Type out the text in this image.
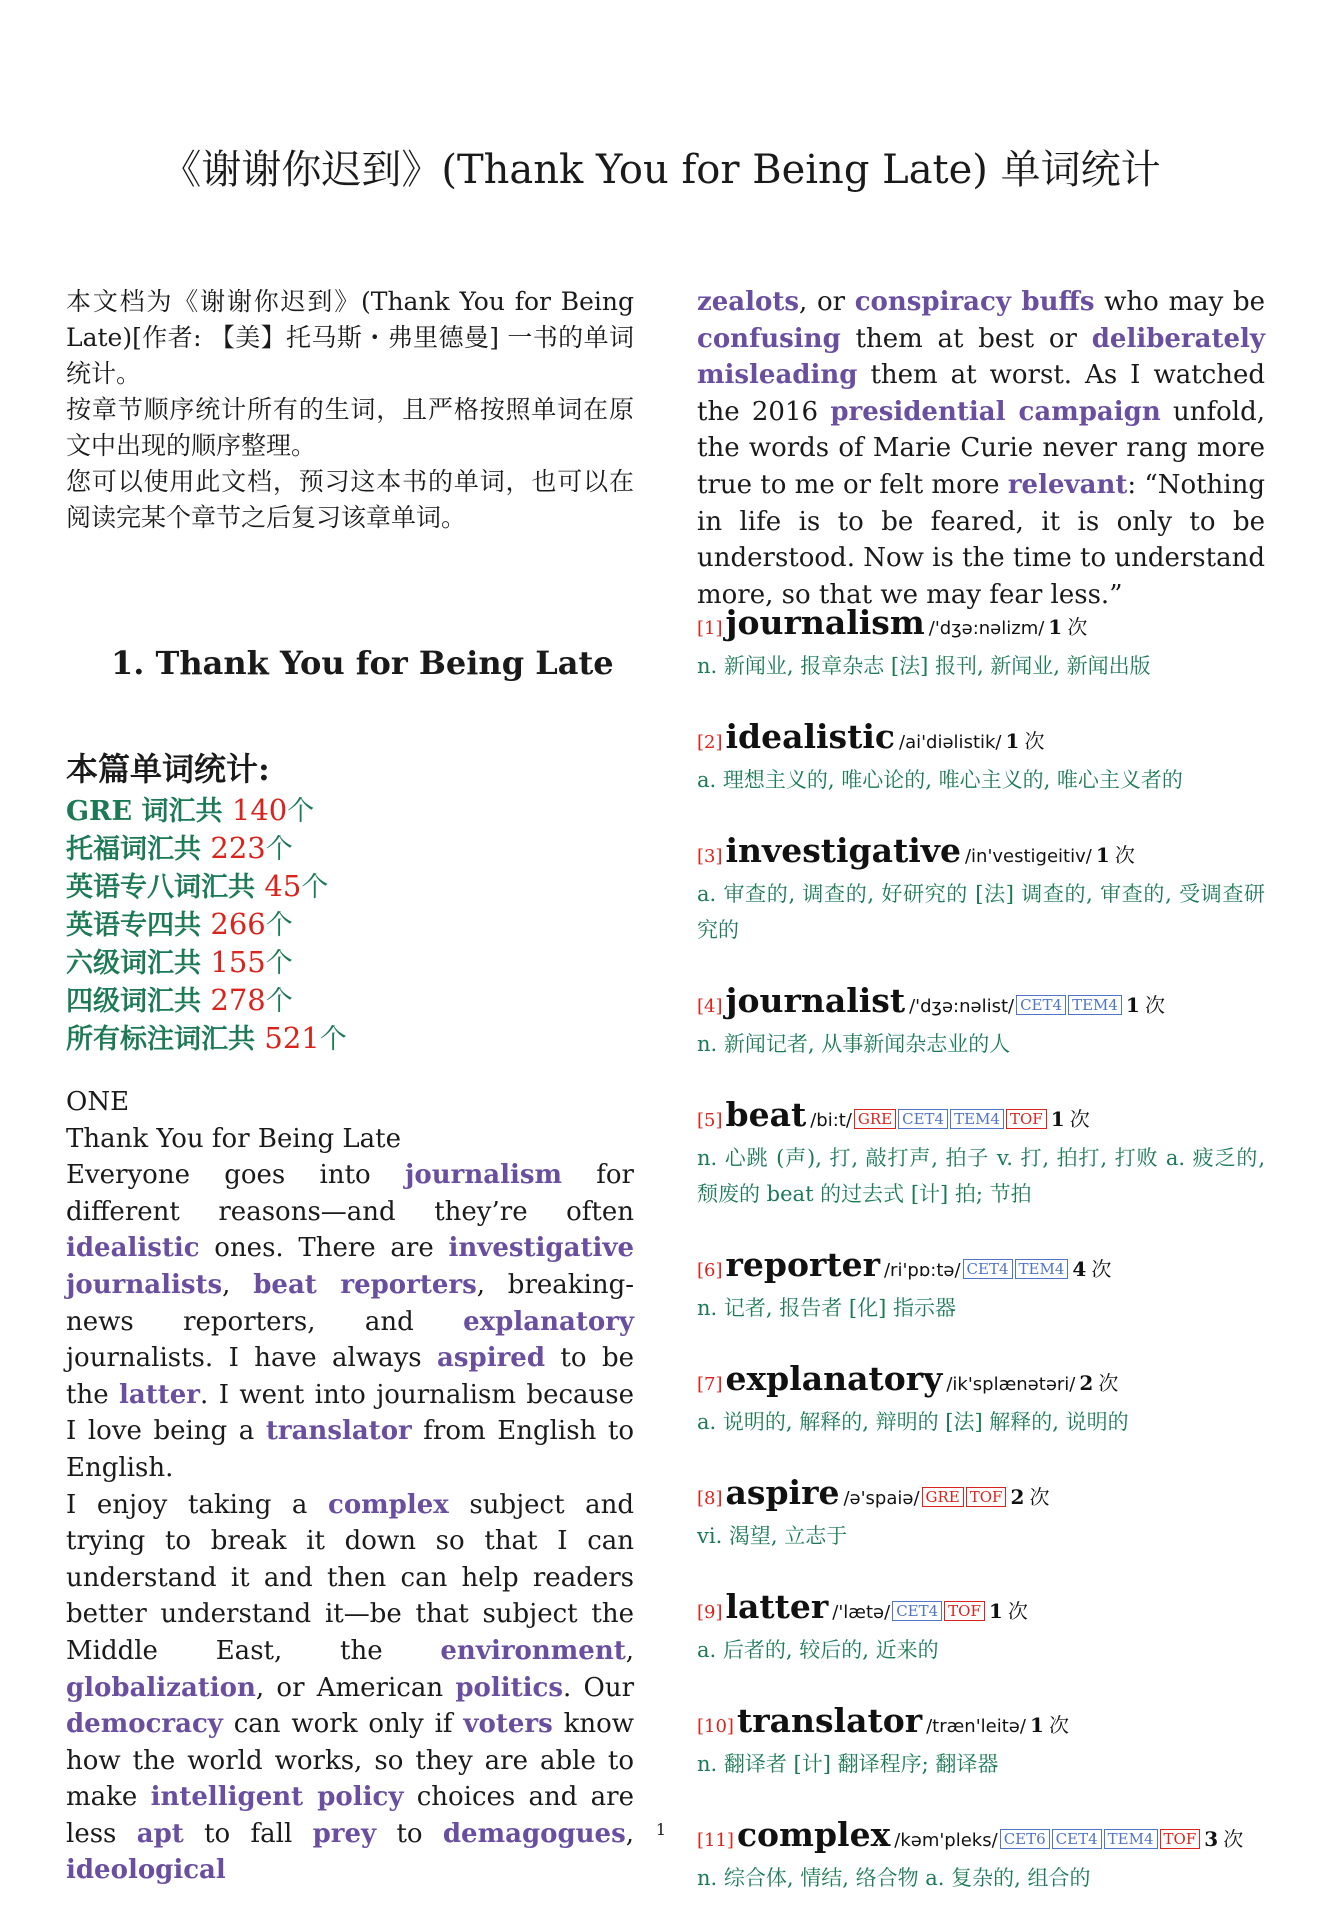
《谢谢你迟到》(Thank You for Being Late) 单词统计

本文档为《谢谢你迟到》(Thank You for Being Late)[作者: 【美】托马斯・弗里德曼] 一书的单词统计。

按章节顺序统计所有的生词，且严格按照单词在原文中出现的顺序整理。

您可以使用此文档，预习这本书的单词，也可以在阅读完某个章节之后复习该章单词。

1. Thank You for Being Late
本篇单词统计:
GRE 词汇共 140个
托福词汇共 223个
英语专八词汇共 45个
英语专四共 266个
六级词汇共 155个
四级词汇共 278个
所有标注词汇共 521个

ONE

Thank You for Being Late

Everyone goes into journalism for different reasons—and they’re often idealistic ones. There are investigative journalists, beat reporters, breaking-news reporters, and explanatory journalists. I have always aspired to be the latter. I went into journalism because I love being a translator from English to English.

I enjoy taking a complex subject and trying to break it down so that I can understand it and then can help readers better understand it—be that subject the Middle East, the environment, globalization, or American politics. Our democracy can work only if voters know how the world works, so they are able to make intelligent policy choices and are less apt to fall prey to demagogues, ideological

zealots, or conspiracy buffs who may be confusing them at best or deliberately misleading them at worst. As I watched the 2016 presidential campaign unfold, the words of Marie Curie never rang more true to me or felt more relevant: “Nothing in life is to be feared, it is only to be understood. Now is the time to understand more, so that we may fear less.”

[1]journalism /'dʒə:nəlizm/ 1 次
n. 新闻业, 报章杂志 [法] 报刊, 新闻业, 新闻出版
[2]idealistic /ai'diəlistik/ 1 次
a. 理想主义的, 唯心论的, 唯心主义的, 唯心主义者的
[3]investigative /in'vestigeitiv/ 1 次
a. 审查的, 调查的, 好研究的 [法] 调查的, 审查的, 受调查研究的
[4]journalist /'dʒə:nəlist/ CET4 TEM4 1 次
n. 新闻记者, 从事新闻杂志业的人
[5]beat /bi:t/ GRE CET4 TEM4 TOF 1 次
n. 心跳 (声), 打, 敲打声, 拍子 v. 打, 拍打, 打败 a. 疲乏的, 颓废的 beat 的过去式 [计] 拍; 节拍
[6]reporter /ri'pɒ:tə/ CET4 TEM4 4 次
n. 记者, 报告者 [化] 指示器
[7]explanatory /ik'splænətəri/ 2 次
a. 说明的, 解释的, 辩明的 [法] 解释的, 说明的
[8]aspire /ə'spaiə/ GRE TOF 2 次
vi. 渴望, 立志于
[9]latter /'lætə/ CET4 TOF 1 次
a. 后者的, 较后的, 近来的
[10]translator /træn'leitə/ 1 次
n. 翻译者 [计] 翻译程序; 翻译器
[11]complex /kəm'pleks/ CET6 CET4 TEM4 TOF 3 次
n. 综合体, 情结, 络合物 a. 复杂的, 组合的
1
